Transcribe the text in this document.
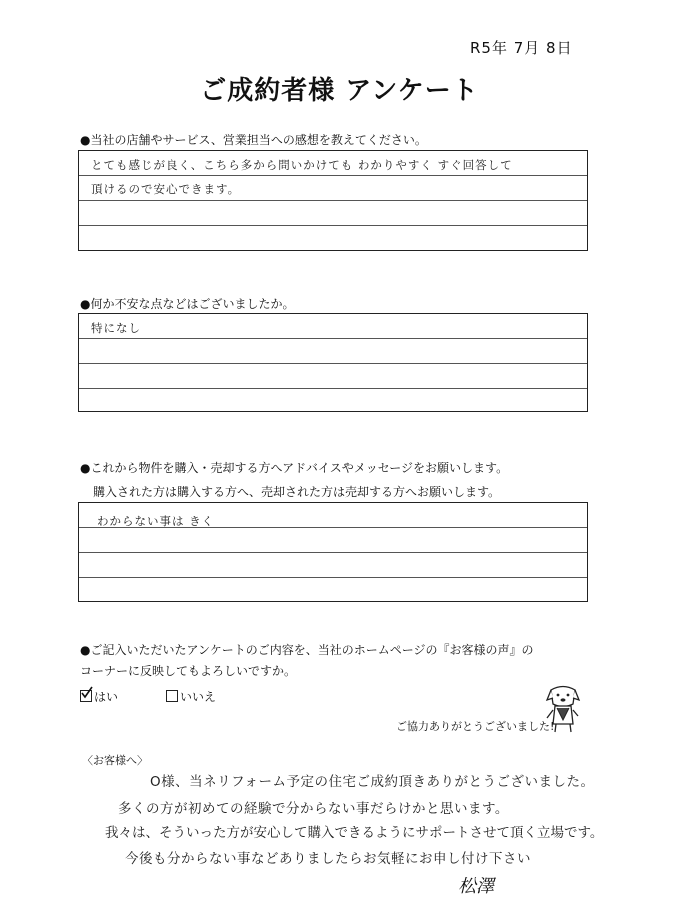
R5年 7月 8日
ご成約者様 アンケート
●当社の店舗やサービス、営業担当への感想を教えてください。
とても感じが良く、こちら多から問いかけても わかりやすく すぐ回答して
頂けるので安心できます。
●何か不安な点などはございましたか。
特になし
●これから物件を購入・売却する方へアドバイスやメッセージをお願いします。
購入された方は購入する方へ、売却された方は売却する方へお願いします。
わからない事は きく
●ご記入いただいたアンケートのご内容を、当社のホームページの『お客様の声』の
コーナーに反映してもよろしいですか。
はい	いいえ
ご協力ありがとうございました!
〈お客様へ〉
O様、当ネリフォーム予定の住宅ご成約頂きありがとうございました。
多くの方が初めての経験で分からない事だらけかと思います。
我々は、そういった方が安心して購入できるようにサポートさせて頂く立場です。
今後も分からない事などありましたらお気軽にお申し付け下さい
松澤
